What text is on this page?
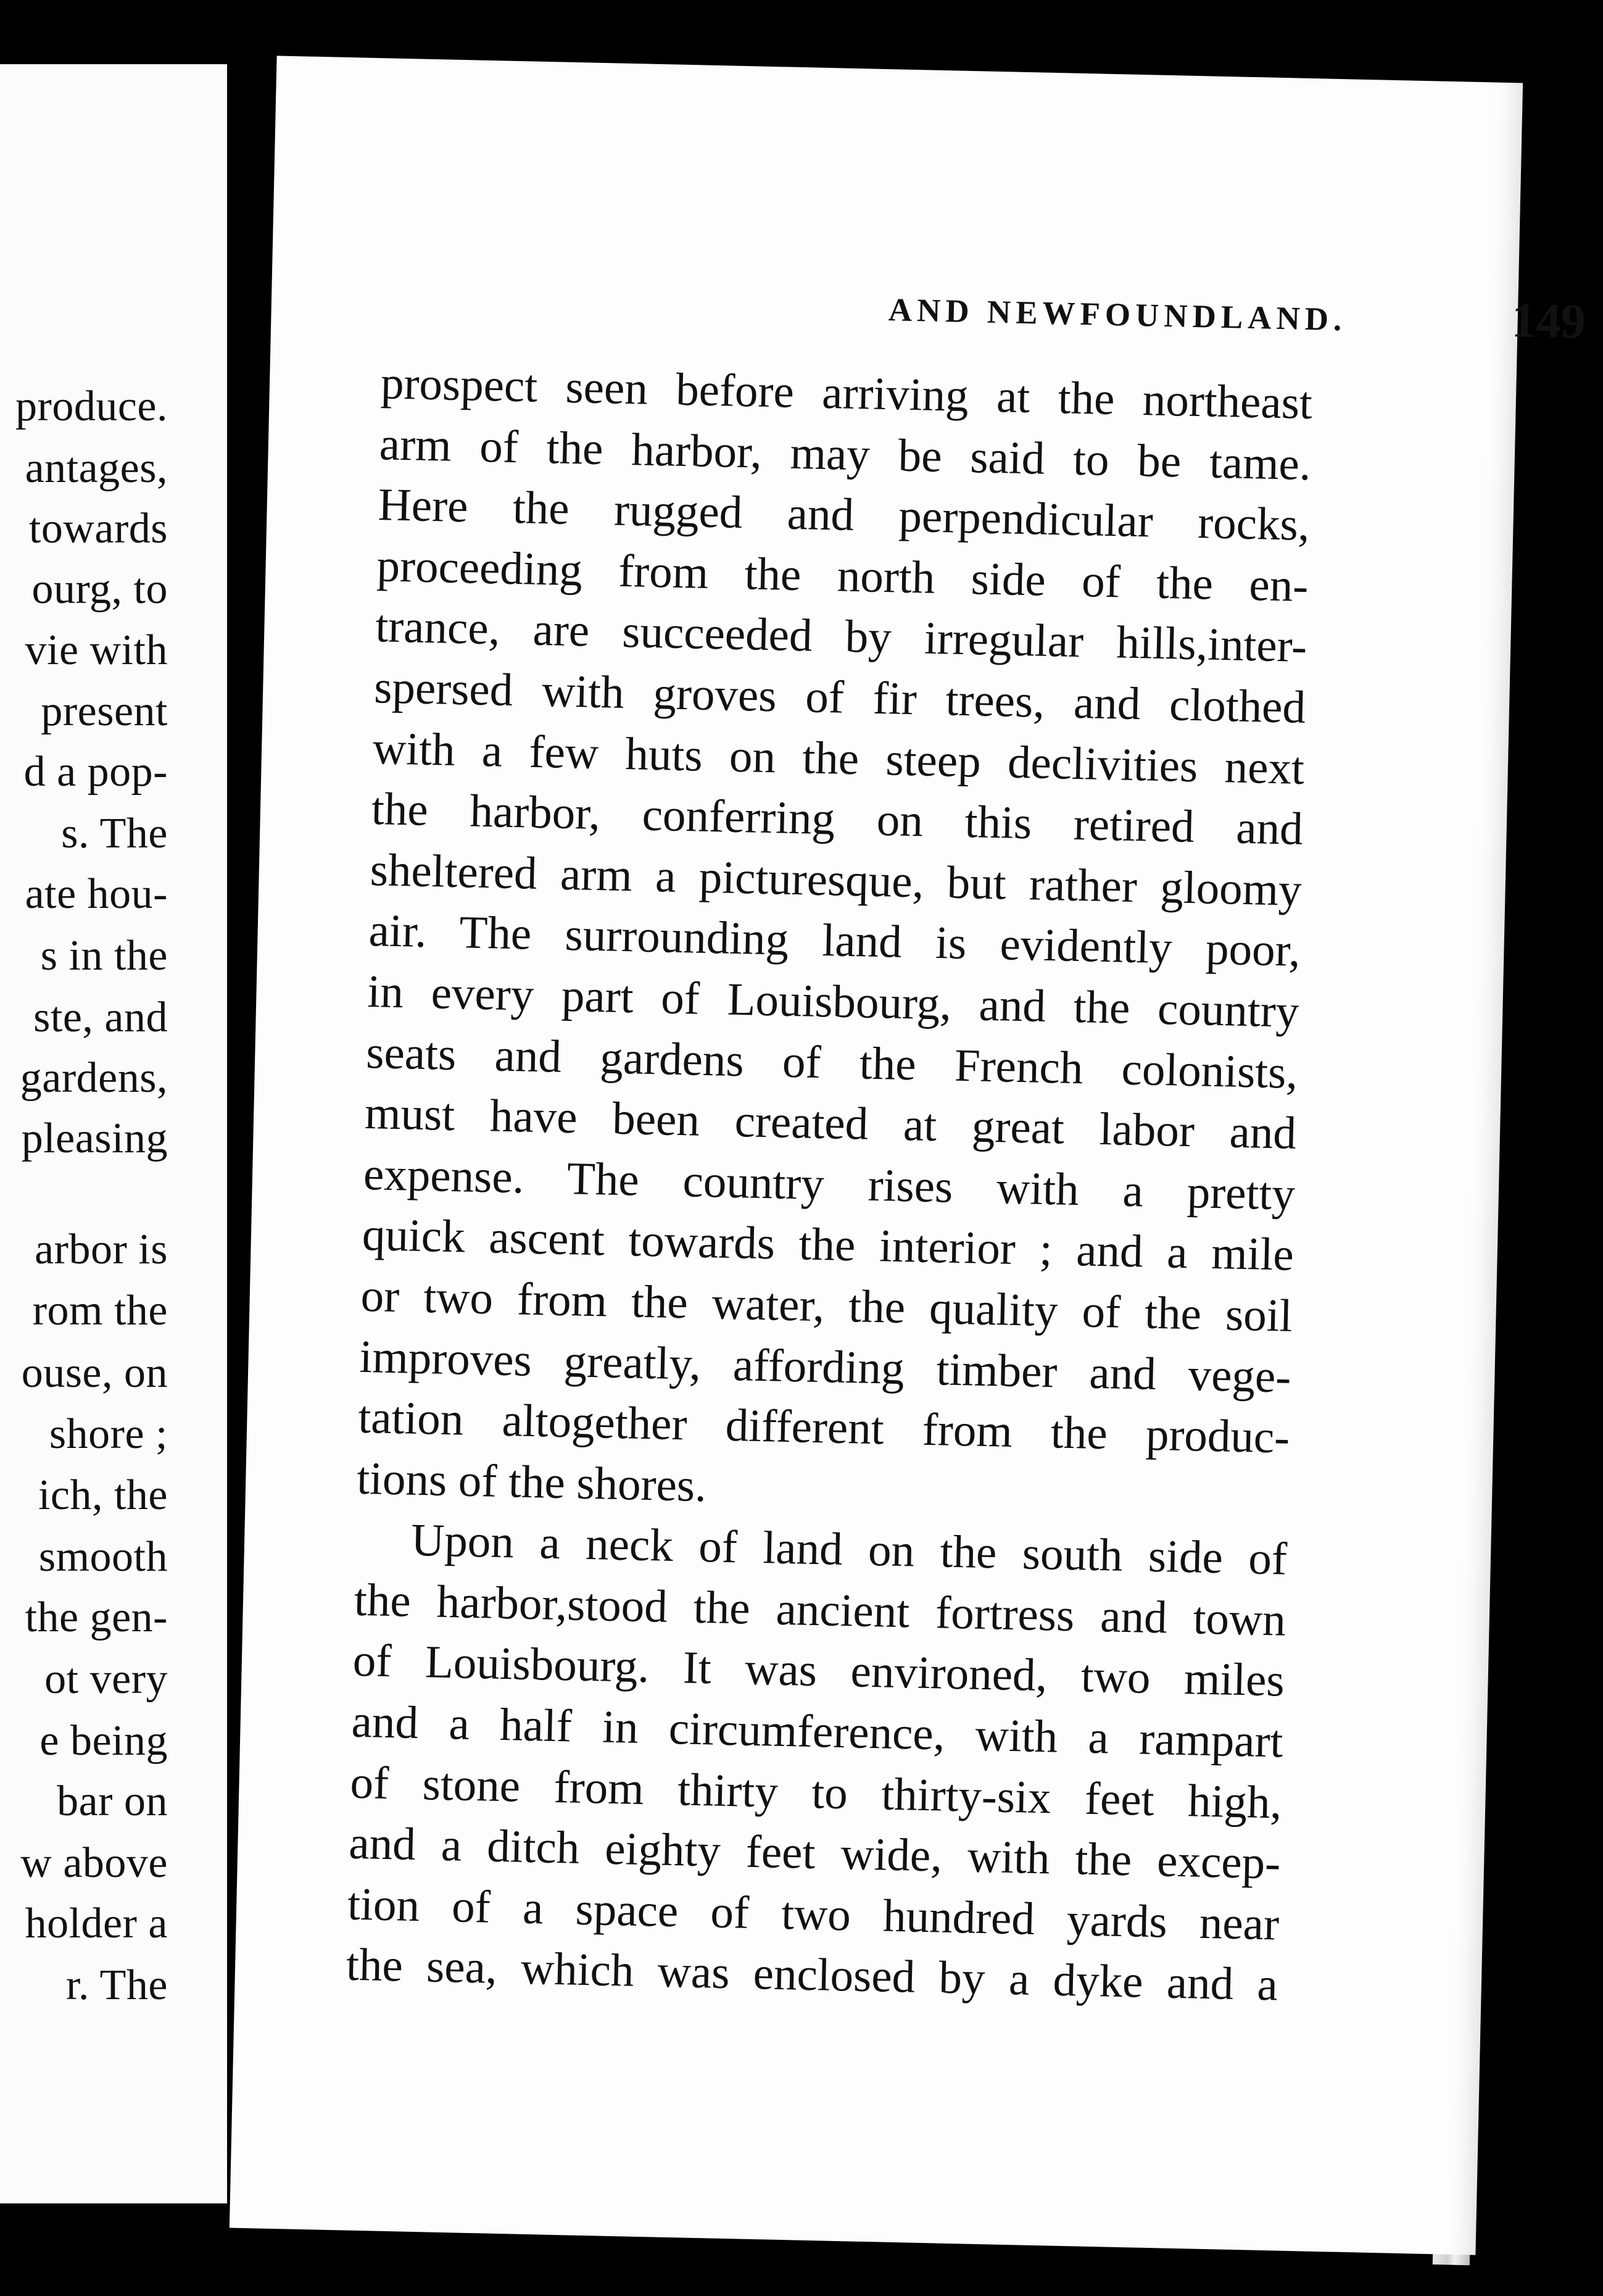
produce.
antages,
towards
ourg, to
vie with
present
d a pop-
s. The
ate hou-
s in the
ste, and
gardens,
pleasing
arbor is
rom the
ouse, on
shore ;
ich, the
smooth
the gen-
ot very
e being
bar on
w above
holder a
r. The
AND NEWFOUNDLAND.	149
prospect seen before arriving at the northeast
arm of the harbor, may be said to be tame.
Here the rugged and perpendicular rocks,
proceeding from the north side of the en-
trance, are succeeded by irregular hills,inter-
spersed with groves of fir trees, and clothed
with a few huts on the steep declivities next
the harbor, conferring on this retired and
sheltered arm a picturesque, but rather gloomy
air. The surrounding land is evidently poor,
in every part of Louisbourg, and the country
seats and gardens of the French colonists,
must have been created at great labor and
expense. The country rises with a pretty
quick ascent towards the interior ; and a mile
or two from the water, the quality of the soil
improves greatly, affording timber and vege-
tation altogether different from the produc-
tions of the shores.
Upon a neck of land on the south side of
the harbor,stood the ancient fortress and town
of Louisbourg. It was environed, two miles
and a half in circumference, with a rampart
of stone from thirty to thirty-six feet high,
and a ditch eighty feet wide, with the excep-
tion of a space of two hundred yards near
the sea, which was enclosed by a dyke and a
